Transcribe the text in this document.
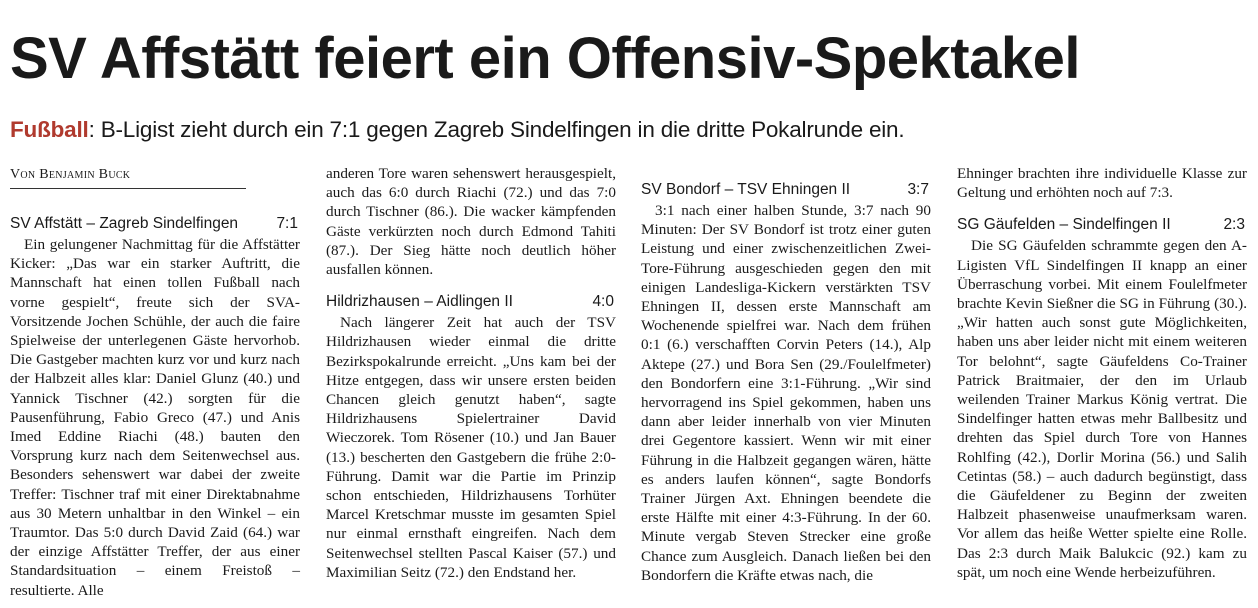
SV Affstätt feiert ein Offensiv-Spektakel

Fußball: B-Ligist zieht durch ein 7:1 gegen Zagreb Sindelfingen in die dritte Pokalrunde ein.

Von Benjamin Buck
SV Affstätt – Zagreb Sindelfingen 7:1

Ein gelungener Nachmittag für die Affstätter Kicker: „Das war ein starker Auftritt, die Mannschaft hat einen tollen Fußball nach vorne gespielt“, freute sich der SVA-Vorsitzende Jochen Schühle, der auch die faire Spielweise der unterlegenen Gäste hervorhob. Die Gastgeber machten kurz vor und kurz nach der Halbzeit alles klar: Daniel Glunz (40.) und Yannick Tischner (42.) sorgten für die Pausenführung, Fabio Greco (47.) und Anis Imed Eddine Riachi (48.) bauten den Vorsprung kurz nach dem Seitenwechsel aus. Besonders sehenswert war dabei der zweite Treffer: Tischner traf mit einer Direktabnahme aus 30 Metern unhaltbar in den Winkel – ein Traumtor. Das 5:0 durch David Zaid (64.) war der einzige Affstätter Treffer, der aus einer Standardsituation – einem Freistoß – resultierte. Alle

anderen Tore waren sehenswert herausgespielt, auch das 6:0 durch Riachi (72.) und das 7:0 durch Tischner (86.). Die wacker kämpfenden Gäste verkürzten noch durch Edmond Tahiti (87.). Der Sieg hätte noch deutlich höher ausfallen können.

Hildrizhausen – Aidlingen II	4:0

Nach längerer Zeit hat auch der TSV Hildrizhausen wieder einmal die dritte Bezirkspokalrunde erreicht. „Uns kam bei der Hitze entgegen, dass wir unsere ersten beiden Chancen gleich genutzt haben“, sagte Hildrizhausens Spielertrainer David Wieczorek. Tom Rösener (10.) und Jan Bauer (13.) bescherten den Gastgebern die frühe 2:0-Führung. Damit war die Partie im Prinzip schon entschieden, Hildrizhausens Torhüter Marcel Kretschmar musste im gesamten Spiel nur einmal ernsthaft eingreifen. Nach dem Seitenwechsel stellten Pascal Kaiser (57.) und Maximilian Seitz (72.) den Endstand her.

SV Bondorf – TSV Ehningen II	3:7

3:1 nach einer halben Stunde, 3:7 nach 90 Minuten: Der SV Bondorf ist trotz einer guten Leistung und einer zwischenzeitlichen Zwei-Tore-Führung ausgeschieden gegen den mit einigen Landesliga-Kickern verstärkten TSV Ehningen II, dessen erste Mannschaft am Wochenende spielfrei war. Nach dem frühen 0:1 (6.) verschafften Corvin Peters (14.), Alp Aktepe (27.) und Bora Sen (29./Foulelfmeter) den Bondorfern eine 3:1-Führung. „Wir sind hervorragend ins Spiel gekommen, haben uns dann aber leider innerhalb von vier Minuten drei Gegentore kassiert. Wenn wir mit einer Führung in die Halbzeit gegangen wären, hätte es anders laufen können“, sagte Bondorfs Trainer Jürgen Axt. Ehningen beendete die erste Hälfte mit einer 4:3-Führung. In der 60. Minute vergab Steven Strecker eine große Chance zum Ausgleich. Danach ließen bei den Bondorfern die Kräfte etwas nach, die

Ehninger brachten ihre individuelle Klasse zur Geltung und erhöhten noch auf 7:3.

SG Gäufelden – Sindelfingen II	2:3

Die SG Gäufelden schrammte gegen den A-Ligisten VfL Sindelfingen II knapp an einer Überraschung vorbei. Mit einem Foulelfmeter brachte Kevin Sießner die SG in Führung (30.). „Wir hatten auch sonst gute Möglichkeiten, haben uns aber leider nicht mit einem weiteren Tor belohnt“, sagte Gäufeldens Co-Trainer Patrick Braitmaier, der den im Urlaub weilenden Trainer Markus König vertrat. Die Sindelfinger hatten etwas mehr Ballbesitz und drehten das Spiel durch Tore von Hannes Rohlfing (42.), Dorlir Morina (56.) und Salih Cetintas (58.) – auch dadurch begünstigt, dass die Gäufeldener zu Beginn der zweiten Halbzeit phasenweise unaufmerksam waren. Vor allem das heiße Wetter spielte eine Rolle. Das 2:3 durch Maik Balukcic (92.) kam zu spät, um noch eine Wende herbeizuführen.
